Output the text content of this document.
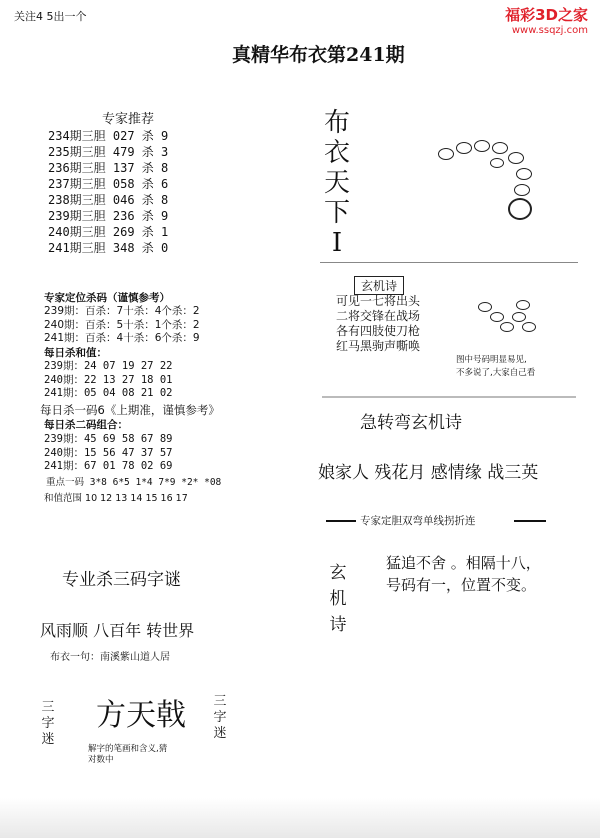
关注4 5出一个	福彩3D之家
www.ssqzj.com
真精华布衣第241期
专家推荐
234期三胆 027 杀 9
235期三胆 479 杀 3
236期三胆 137 杀 8
237期三胆 058 杀 6
238期三胆 046 杀 8
239期三胆 236 杀 9
240期三胆 269 杀 1
241期三胆 348 杀 0
专家定位杀码（谨慎参考）
239期：百杀：7十杀：4个杀：2
240期：百杀：5十杀：1个杀：2
241期：百杀：4十杀：6个杀：9
每日杀和值：
239期：24 07 19 27 22
240期：22 13 27 18 01
241期：05 04 08 21 02
每日杀一码6《上期准，谨慎参考》
每日杀二码组合：
239期：45 69 58 67 89
240期：15 56 47 37 57
241期：67 01 78 02 69
重点一码 3*8 6*5 1*4 7*9 *2* *08
和值范围 10 12 13 14 15 16 17
专业杀三码字谜
风雨顺 八百年 转世界
布衣一句：南溪紫山道人居
三字迷
方天戟 三字迷
解字的笔画和含义,猜
对数中
布衣天下I
玄机诗
可见一七将出头
二将交锋在战场
各有四肢使刀枪
红马黑驹声嘶唤
图中号码明显易见,
不多说了,大家自己看
急转弯玄机诗
娘家人 残花月 感情缘 战三英
专家定胆双弯单线拐折连
玄机诗
猛追不舍 。相隔十八，
号码有一，位置不变。
